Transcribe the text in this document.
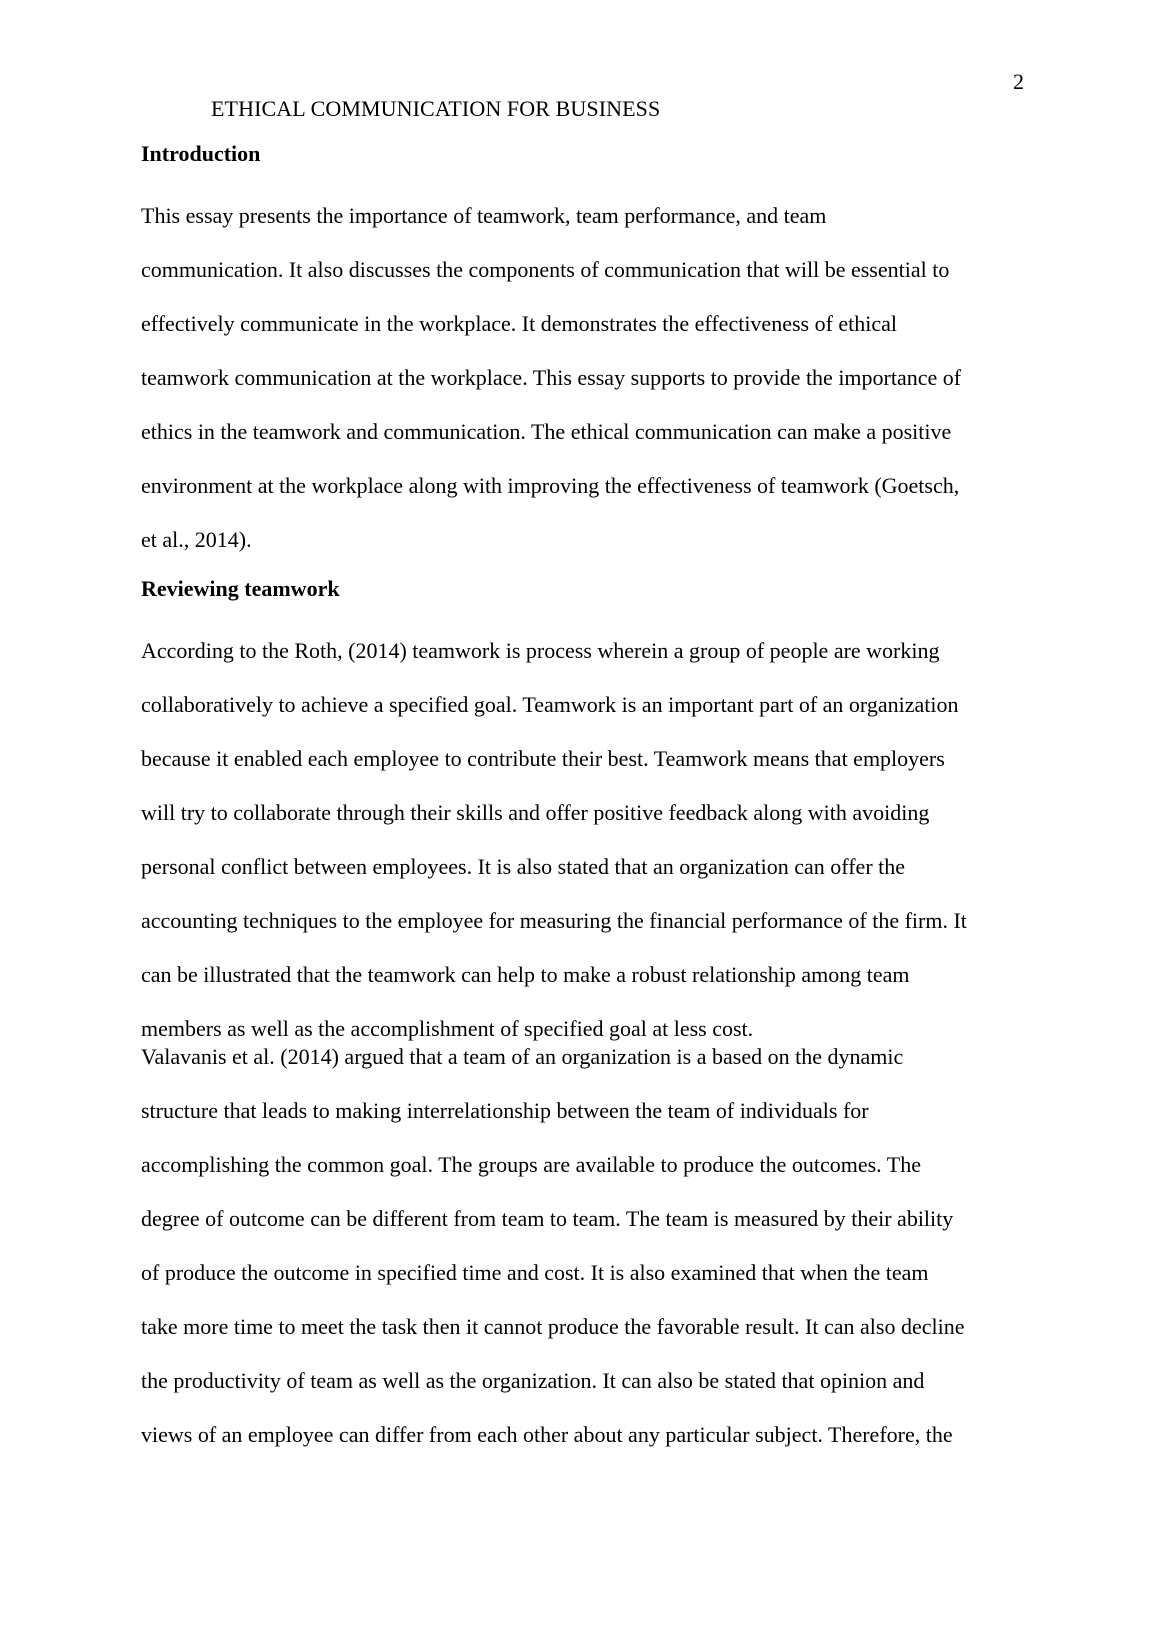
2
ETHICAL COMMUNICATION FOR BUSINESS
Introduction

This essay presents the importance of teamwork, team performance, and team
communication. It also discusses the components of communication that will be essential to
effectively communicate in the workplace. It demonstrates the effectiveness of ethical
teamwork communication at the workplace. This essay supports to provide the importance of
ethics in the teamwork and communication. The ethical communication can make a positive
environment at the workplace along with improving the effectiveness of teamwork (Goetsch,
et al., 2014).

Reviewing teamwork

According to the Roth, (2014) teamwork is process wherein a group of people are working
collaboratively to achieve a specified goal. Teamwork is an important part of an organization
because it enabled each employee to contribute their best. Teamwork means that employers
will try to collaborate through their skills and offer positive feedback along with avoiding
personal conflict between employees. It is also stated that an organization can offer the
accounting techniques to the employee for measuring the financial performance of the firm. It
can be illustrated that the teamwork can help to make a robust relationship among team
members as well as the accomplishment of specified goal at less cost.

Valavanis et al. (2014) argued that a team of an organization is a based on the dynamic
structure that leads to making interrelationship between the team of individuals for
accomplishing the common goal. The groups are available to produce the outcomes. The
degree of outcome can be different from team to team. The team is measured by their ability
of produce the outcome in specified time and cost. It is also examined that when the team
take more time to meet the task then it cannot produce the favorable result. It can also decline
the productivity of team as well as the organization. It can also be stated that opinion and
views of an employee can differ from each other about any particular subject. Therefore, the
